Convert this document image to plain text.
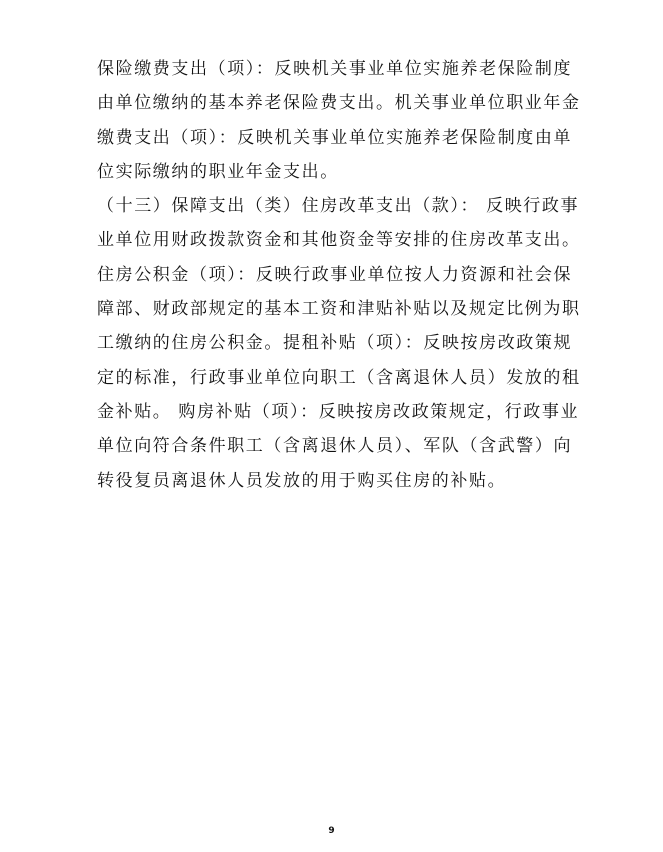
保险缴费支出（项）：反映机关事业单位实施养老保险制度
由单位缴纳的基本养老保险费支出。机关事业单位职业年金
缴费支出（项）：反映机关事业单位实施养老保险制度由单
位实际缴纳的职业年金支出。
（十三）保障支出（类）住房改革支出（款）： 反映行政事
业单位用财政拨款资金和其他资金等安排的住房改革支出。
住房公积金（项）：反映行政事业单位按人力资源和社会保
障部、财政部规定的基本工资和津贴补贴以及规定比例为职
工缴纳的住房公积金。提租补贴（项）：反映按房改政策规
定的标准，行政事业单位向职工（含离退休人员）发放的租
金补贴。 购房补贴（项）：反映按房改政策规定，行政事业
单位向符合条件职工（含离退休人员）、军队（含武警）向
转役复员离退休人员发放的用于购买住房的补贴。
9
